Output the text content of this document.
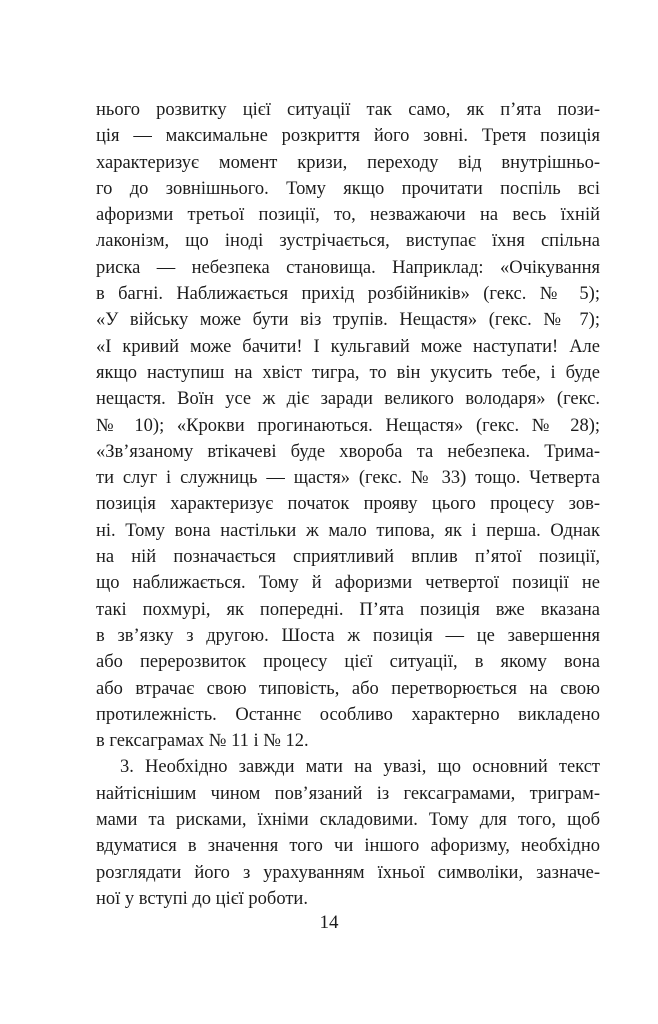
нього розвитку цієї ситуації так само, як п’ята пози-
ція — максимальне розкриття його зовні. Третя позиція
характеризує момент кризи, переходу від внутрішньо-
го до зовнішнього. Тому якщо прочитати поспіль всі
афоризми третьої позиції, то, незважаючи на весь їхній
лаконізм, що іноді зустрічається, виступає їхня спільна
риска — небезпека становища. Наприклад: «Очікування
в багні. Наближається прихід розбійників» (гекс. № 5);
«У війську може бути віз трупів. Нещастя» (гекс. № 7);
«І кривий може бачити! І кульгавий може наступати! Але
якщо наступиш на хвіст тигра, то він укусить тебе, і буде
нещастя. Воїн усе ж діє заради великого володаря» (гекс.
№ 10); «Крокви прогинаються. Нещастя» (гекс. № 28);
«Зв’язаному втікачеві буде хвороба та небезпека. Трима-
ти слуг і служниць — щастя» (гекс. № 33) тощо. Четверта
позиція характеризує початок прояву цього процесу зов-
ні. Тому вона настільки ж мало типова, як і перша. Однак
на ній позначається сприятливий вплив п’ятої позиції,
що наближається. Тому й афоризми четвертої позиції не
такі похмурі, як попередні. П’ята позиція вже вказана
в зв’язку з другою. Шоста ж позиція — це завершення
або перерозвиток процесу цієї ситуації, в якому вона
або втрачає свою типовість, або перетворюється на свою
протилежність. Останнє особливо характерно викладено
в гексаграмах № 11 і № 12.
3. Необхідно завжди мати на увазі, що основний текст
найтіснішим чином пов’язаний із гексаграмами, триграм-
мами та рисками, їхніми складовими. Тому для того, щоб
вдуматися в значення того чи іншого афоризму, необхідно
розглядати його з урахуванням їхньої символіки, зазначе-
ної у вступі до цієї роботи.
14
